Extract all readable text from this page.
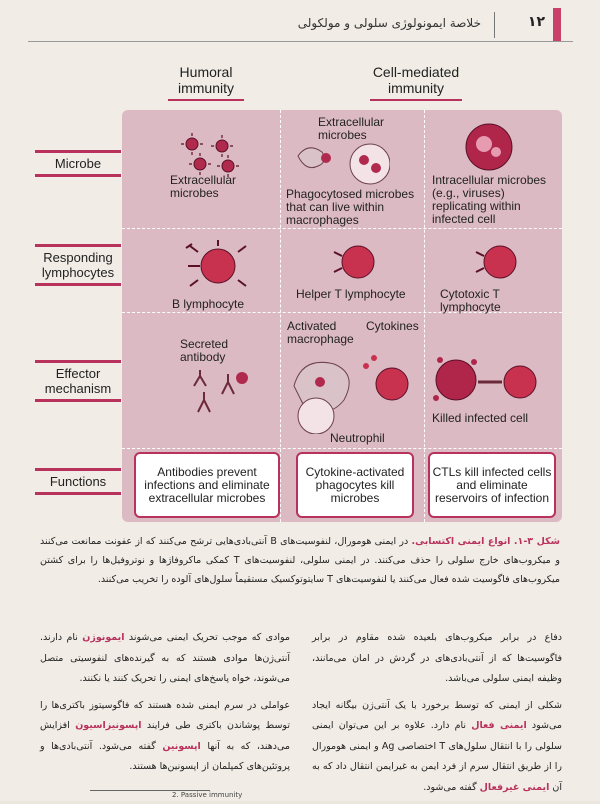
۱۲
خلاصة ایمونولوژی سلولی و مولکولی
Humoral immunity
Cell-mediated immunity
Microbe
Responding lymphocytes
Effector mechanism
Functions
Extracellular microbes
Extracellular microbes
Phagocytosed microbes that can live within macrophages
Intracellular microbes (e.g., viruses) replicating within infected cell
B lymphocyte
Helper T lymphocyte	Cytotoxic T lymphocyte
Secreted antibody
Activated macrophage
Cytokines
Neutrophil
Killed infected cell
Antibodies prevent infections and eliminate extracellular microbes
Cytokine-activated phagocytes kill microbes
CTLs kill infected cells and eliminate reservoirs of infection
شکل ۳-۱. انواع ایمنی اکتسابی. در ایمنی هومورال، لنفوسیت‌های B آنتی‌بادی‌هایی ترشح می‌کنند که از عفونت ممانعت می‌کنند و میکروب‌های خارج سلولی را حذف می‌کنند. در ایمنی سلولی، لنفوسیت‌های T کمکی ماکروفاژها و نوتروفیل‌ها را برای کشتن میکروب‌های فاگوسیت شده فعال می‌کنند یا لنفوسیت‌های T سایتوتوکسیک مستقیماً سلول‌های آلوده را تخریب می‌کنند.

دفاع در برابر میکروب‌های بلعیده شده مقاوم در برابر فاگوسیت‌ها که از آنتی‌بادی‌های در گردش در امان می‌مانند، وظیفه ایمنی سلولی می‌باشد.

شکلی از ایمنی که توسط برخورد با یک آنتی‌ژن بیگانه ایجاد می‌شود ایمنی فعال نام دارد. علاوه بر این می‌توان ایمنی سلولی را با انتقال سلول‌های T اختصاصی Ag و ایمنی هومورال را از طریق انتقال سرم از فرد ایمن به غیرایمن انتقال داد که به آن ایمنی غیرفعال گفته می‌شود.

موادی که موجب تحریک ایمنی می‌شوند ایمونوژن نام دارند. آنتی‌ژن‌ها موادی هستند که به گیرنده‌های لنفوسیتی متصل می‌شوند، خواه پاسخ‌های ایمنی را تحریک کنند یا نکنند.

عواملی در سرم ایمنی شده هستند که فاگوسیتوز باکتری‌ها را توسط پوشاندن باکتری طی فرایند اپسونیزاسیون افزایش می‌دهند، که به آنها اپسونین گفته می‌شود. آنتی‌بادی‌ها و پروتئین‌های کمپلمان از اپسونین‌ها هستند.

2. Passive immunity
